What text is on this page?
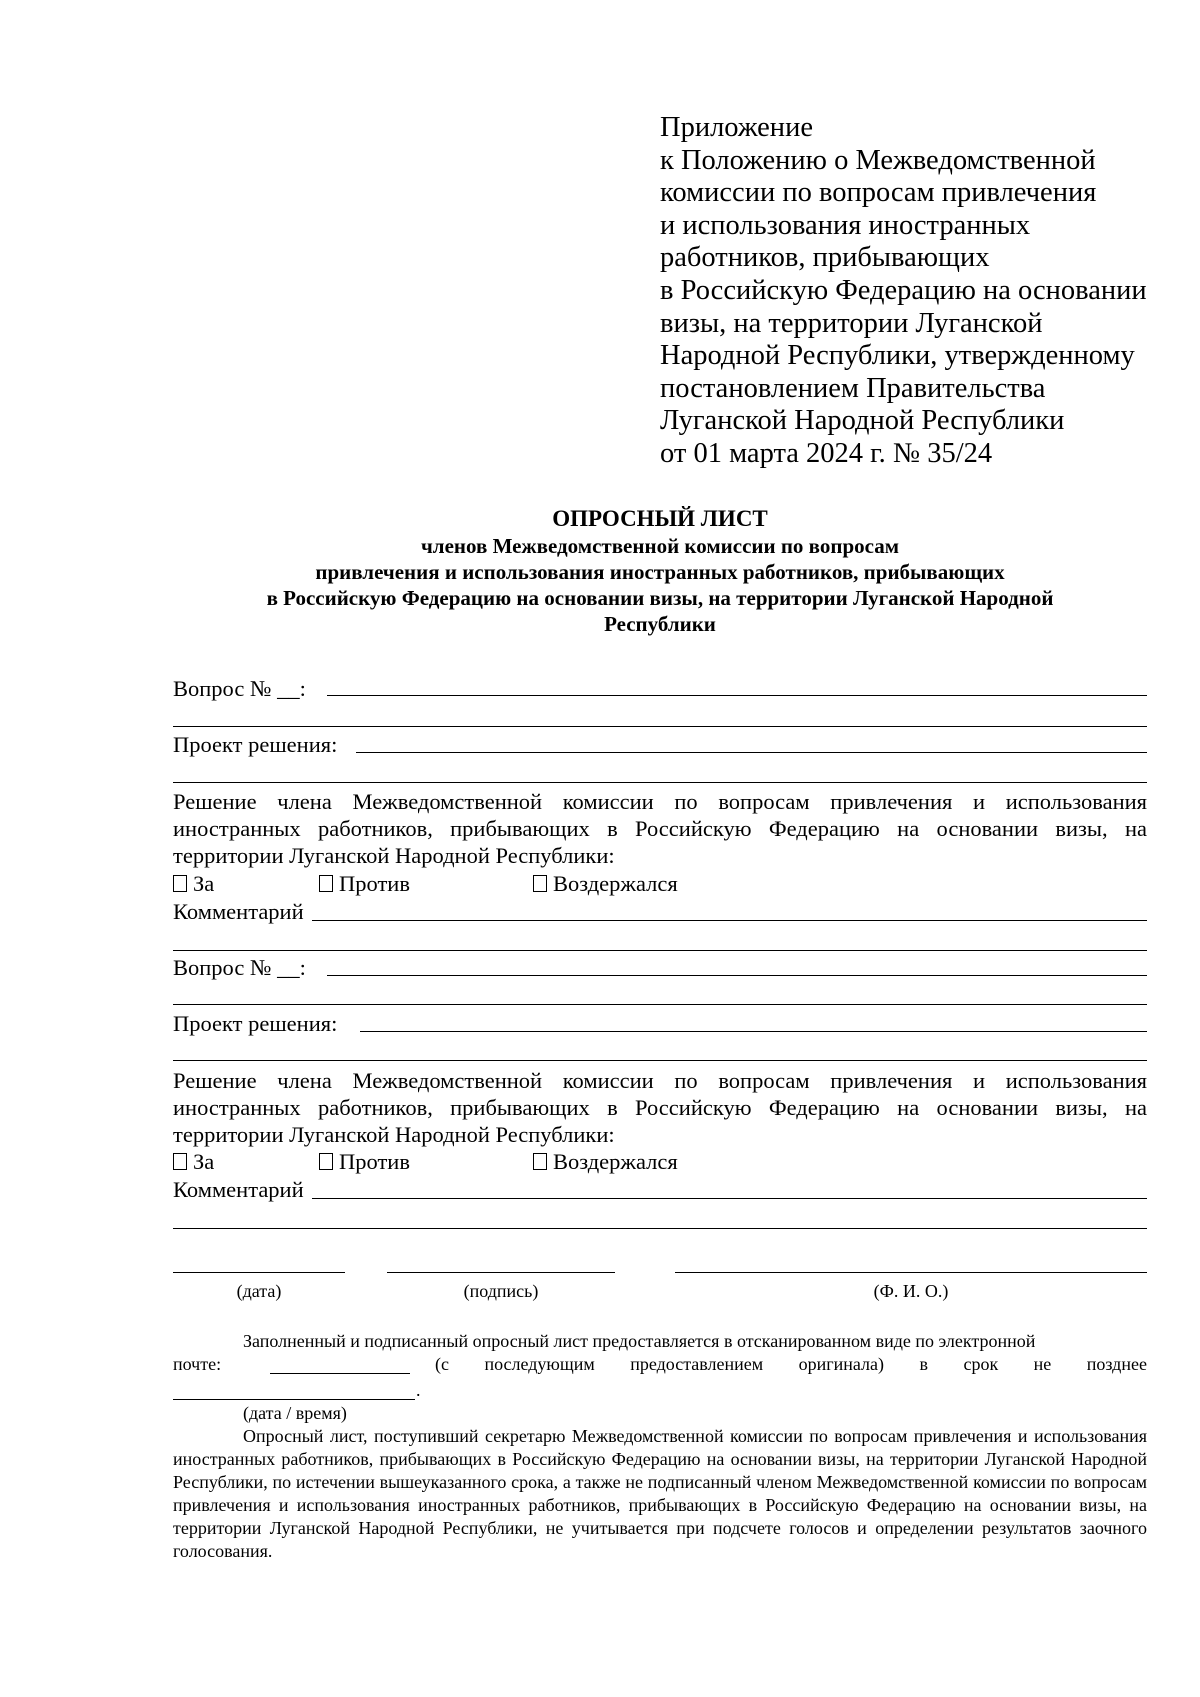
Приложение
к Положению о Межведомственной
комиссии по вопросам привлечения
и использования иностранных
работников, прибывающих
в Российскую Федерацию на основании
визы, на территории Луганской
Народной Республики, утвержденному
постановлением Правительства
Луганской Народной Республики
от 01 марта 2024 г. № 35/24
ОПРОСНЫЙ ЛИСТ
членов Межведомственной комиссии по вопросам
привлечения и использования иностранных работников, прибывающих
в Российскую Федерацию на основании визы, на территории Луганской Народной
Республики
Вопрос № __:
Проект решения:
Решение члена Межведомственной комиссии по вопросам привлечения и использования иностранных работников, прибывающих в Российскую Федерацию на основании визы, на территории Луганской Народной Республики:
За	Против	Воздержался
Комментарий
Вопрос № __:
Проект решения:
Решение члена Межведомственной комиссии по вопросам привлечения и использования иностранных работников, прибывающих в Российскую Федерацию на основании визы, на территории Луганской Народной Республики:
За	Против	Воздержался
Комментарий
(дата)	(подпись)	(Ф. И. О.)
Заполненный и подписанный опросный лист предоставляется в отсканированном виде по электронной
почте:	(с последующим предоставлением оригинала) в срок не позднее
.
(дата / время)
Опросный лист, поступивший секретарю Межведомственной комиссии по вопросам привлечения и использования иностранных работников, прибывающих в Российскую Федерацию на основании визы, на территории Луганской Народной Республики, по истечении вышеуказанного срока, а также не подписанный членом Межведомственной комиссии по вопросам привлечения и использования иностранных работников, прибывающих в Российскую Федерацию на основании визы, на территории Луганской Народной Республики, не учитывается при подсчете голосов и определении результатов заочного голосования.
